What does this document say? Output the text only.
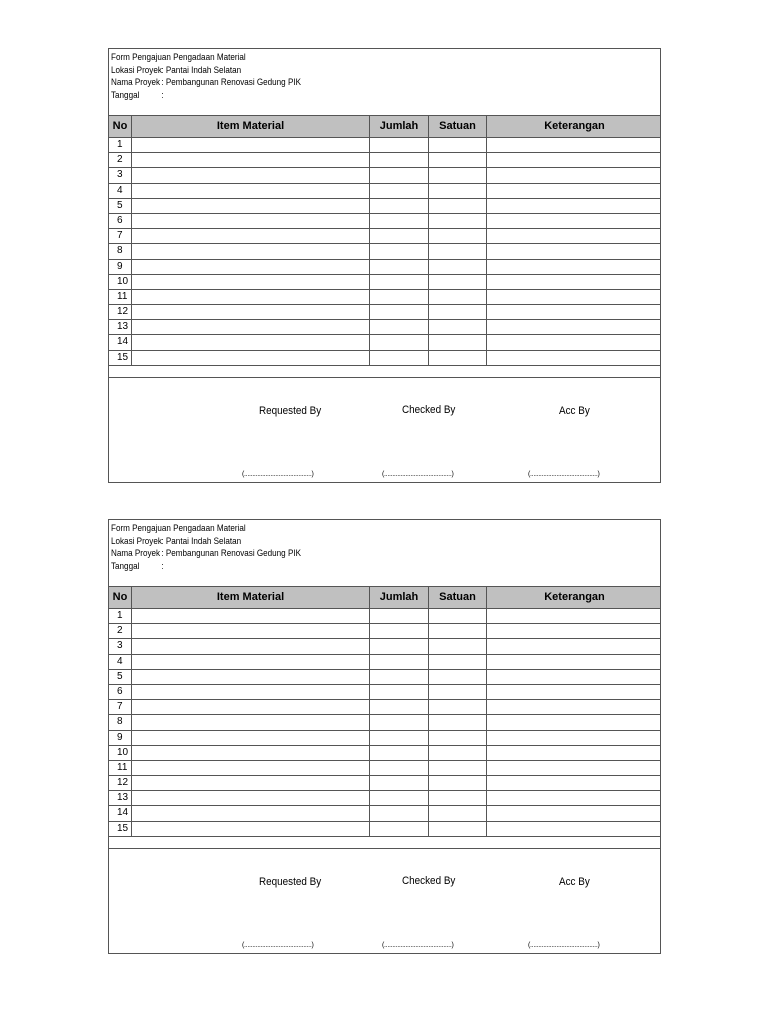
Form Pengajuan Pengadaan Material
Lokasi Proyek : Pantai Indah Selatan
Nama Proyek : Pembangunan Renovasi Gedung PIK
Tanggal	:
No	Item Material	Jumlah	Satuan	Keterangan
1
2
3
4
5
6
7
8
9
10
11
12
13
14
15
Requested By
(.........................................)
Checked By
(.........................................)
Acc By
(.........................................)
Form Pengajuan Pengadaan Material
Lokasi Proyek : Pantai Indah Selatan
Nama Proyek : Pembangunan Renovasi Gedung PIK
Tanggal	:
No	Item Material	Jumlah	Satuan	Keterangan
1
2
3
4
5
6
7
8
9
10
11
12
13
14
15
Requested By
(.........................................)
Checked By
(.........................................)
Acc By
(.........................................)
